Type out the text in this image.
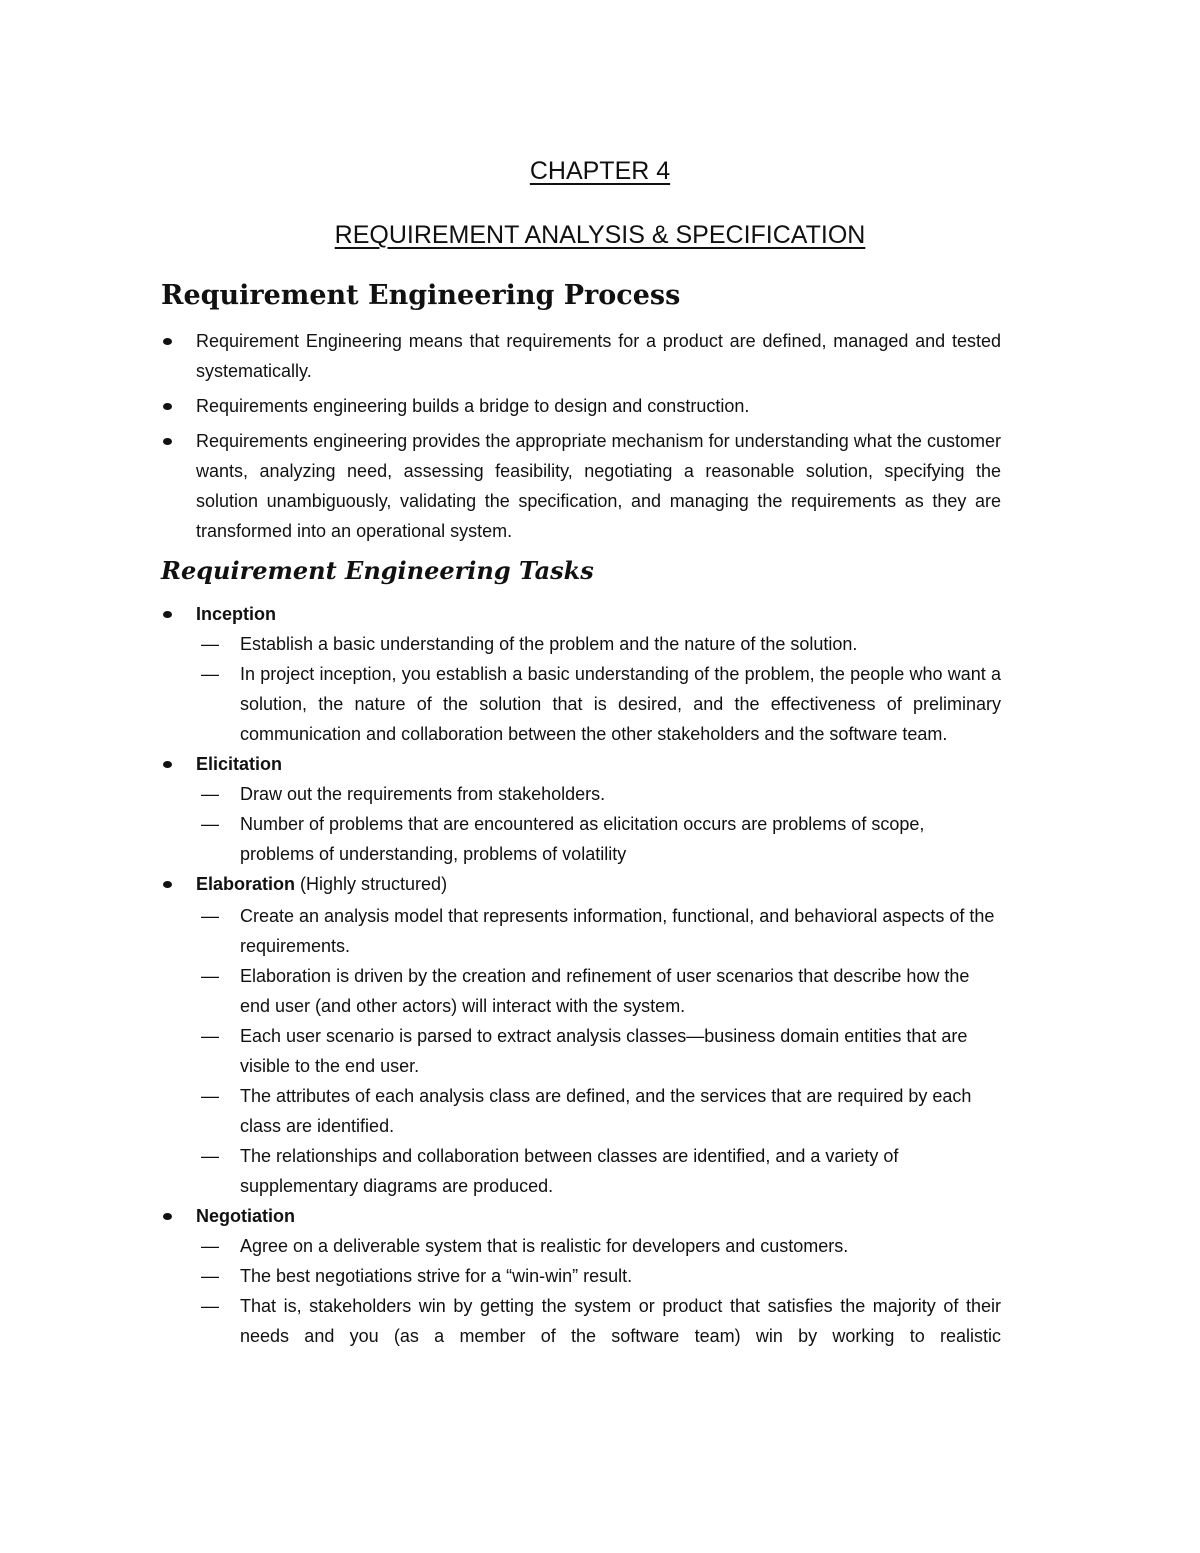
CHAPTER 4
REQUIREMENT ANALYSIS & SPECIFICATION
Requirement Engineering Process
Requirement Engineering means that requirements for a product are defined, managed and tested systematically.
Requirements engineering builds a bridge to design and construction.
Requirements engineering provides the appropriate mechanism for understanding what the customer wants, analyzing need, assessing feasibility, negotiating a reasonable solution, specifying the solution unambiguously, validating the specification, and managing the requirements as they are transformed into an operational system.
Requirement Engineering Tasks
Inception
— Establish a basic understanding of the problem and the nature of the solution.
— In project inception, you establish a basic understanding of the problem, the people who want a solution, the nature of the solution that is desired, and the effectiveness of preliminary communication and collaboration between the other stakeholders and the software team.
Elicitation
— Draw out the requirements from stakeholders.
— Number of problems that are encountered as elicitation occurs are problems of scope, problems of understanding, problems of volatility
Elaboration (Highly structured)
— Create an analysis model that represents information, functional, and behavioral aspects of the requirements.
— Elaboration is driven by the creation and refinement of user scenarios that describe how the end user (and other actors) will interact with the system.
— Each user scenario is parsed to extract analysis classes—business domain entities that are visible to the end user.
— The attributes of each analysis class are defined, and the services that are required by each class are identified.
— The relationships and collaboration between classes are identified, and a variety of supplementary diagrams are produced.
Negotiation
— Agree on a deliverable system that is realistic for developers and customers.
— The best negotiations strive for a “win-win” result.
— That is, stakeholders win by getting the system or product that satisfies the majority of their needs and you (as a member of the software team) win by working to realistic
